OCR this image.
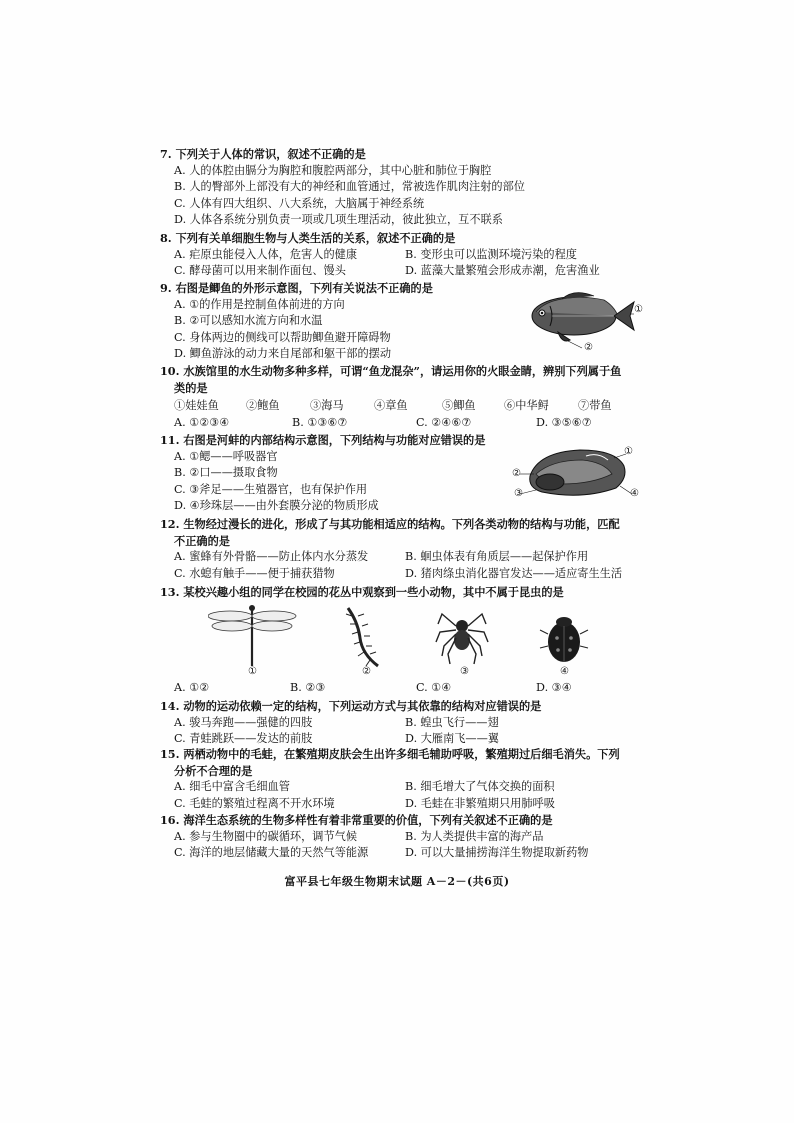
7. 下列关于人体的常识，叙述不正确的是
A. 人的体腔由膈分为胸腔和腹腔两部分，其中心脏和肺位于胸腔
B. 人的臀部外上部没有大的神经和血管通过，常被选作肌肉注射的部位
C. 人体有四大组织、八大系统，大脑属于神经系统
D. 人体各系统分别负责一项或几项生理活动，彼此独立，互不联系
8. 下列有关单细胞生物与人类生活的关系，叙述不正确的是
A. 疟原虫能侵入人体，危害人的健康	B. 变形虫可以监测环境污染的程度
C. 酵母菌可以用来制作面包、馒头	D. 蓝藻大量繁殖会形成赤潮，危害渔业
9. 右图是鲫鱼的外形示意图，下列有关说法不正确的是
A. ①的作用是控制鱼体前进的方向
B. ②可以感知水流方向和水温
C. 身体两边的侧线可以帮助鲫鱼避开障碍物
D. 鲫鱼游泳的动力来自尾部和躯干部的摆动
①
②
10. 水族馆里的水生动物多种多样，可谓“鱼龙混杂”，请运用你的火眼金睛，辨别下列属于鱼
类的是
①娃娃鱼 ②鲍鱼	③海马	④章鱼	⑤鲫鱼	⑥中华鲟	⑦带鱼
A. ①②③④	B. ①③⑥⑦	C. ②④⑥⑦	D. ③⑤⑥⑦
11. 右图是河蚌的内部结构示意图，下列结构与功能对应错误的是
A. ①鳃——呼吸器官
B. ②口——摄取食物
C. ③斧足——生殖器官，也有保护作用
D. ④珍珠层——由外套膜分泌的物质形成
①
②
③	④
12. 生物经过漫长的进化，形成了与其功能相适应的结构。下列各类动物的结构与功能，匹配
不正确的是
A. 蜜蜂有外骨骼——防止体内水分蒸发	B. 蛔虫体表有角质层——起保护作用
C. 水螅有触手——便于捕获猎物	D. 猪肉绦虫消化器官发达——适应寄生生活
13. 某校兴趣小组的同学在校园的花丛中观察到一些小动物，其中不属于昆虫的是
①	②	③	④
A. ①②	B. ②③	C. ①④	D. ③④
14. 动物的运动依赖一定的结构，下列运动方式与其依靠的结构对应错误的是
A. 骏马奔跑——强健的四肢	B. 蝗虫飞行——翅
C. 青蛙跳跃——发达的前肢	D. 大雁南飞——翼
15. 两栖动物中的毛蛙，在繁殖期皮肤会生出许多细毛辅助呼吸，繁殖期过后细毛消失。下列
分析不合理的是
A. 细毛中富含毛细血管	B. 细毛增大了气体交换的面积
C. 毛蛙的繁殖过程离不开水环境	D. 毛蛙在非繁殖期只用肺呼吸
16. 海洋生态系统的生物多样性有着非常重要的价值，下列有关叙述不正确的是
A. 参与生物圈中的碳循环，调节气候	B. 为人类提供丰富的海产品
C. 海洋的地层储藏大量的天然气等能源	D. 可以大量捕捞海洋生物提取新药物
富平县七年级生物期末试题 A－2－(共6页)
